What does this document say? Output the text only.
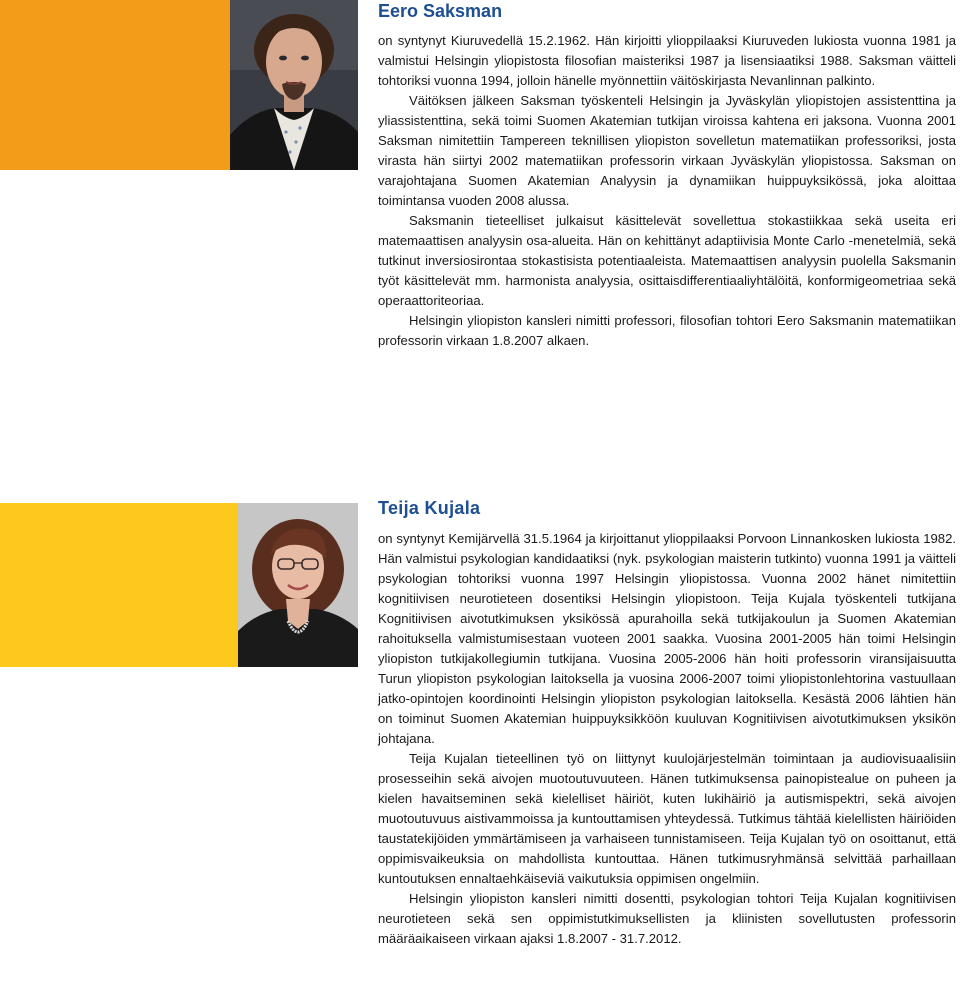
Eero Saksman

on syntynyt Kiuruvedellä 15.2.1962. Hän kirjoitti ylioppilaaksi Kiuruveden lukiosta vuonna 1981 ja valmistui Helsingin yliopistosta filosofian maisteriksi 1987 ja lisensiaatiksi 1988. Saksman väitteli tohtoriksi vuonna 1994, jolloin hänelle myönnettiin väitöskirjasta Nevanlinnan palkinto.

Väitöksen jälkeen Saksman työskenteli Helsingin ja Jyväskylän yliopistojen assistenttina ja yliassistenttina, sekä toimi Suomen Akatemian tutkijan viroissa kahtena eri jaksona. Vuonna 2001 Saksman nimitettiin Tampereen teknillisen yliopiston sovelletun matematiikan professoriksi, josta virasta hän siirtyi 2002 matematiikan professorin virkaan Jyväskylän yliopistossa. Saksman on varajohtajana Suomen Akatemian Analyysin ja dynamiikan huippuyksikössä, joka aloittaa toimintansa vuoden 2008 alussa.

Saksmanin tieteelliset julkaisut käsittelevät sovellettua stokastiikkaa sekä useita eri matemaattisen analyysin osa-alueita. Hän on kehittänyt adaptiivisia Monte Carlo -menetelmiä, sekä tutkinut inversiosirontaa stokastisista potentiaaleista. Matemaattisen analyysin puolella Saksmanin työt käsittelevät mm. harmonista analyysia, osittaisdifferentiaaliyhtälöitä, konformigeometriaa sekä operaattoriteoriaa.

Helsingin yliopiston kansleri nimitti professori, filosofian tohtori Eero Saksmanin matematiikan professorin virkaan 1.8.2007 alkaen.

Teija Kujala

on syntynyt Kemijärvellä 31.5.1964 ja kirjoittanut ylioppilaaksi Porvoon Linnankosken lukiosta 1982. Hän valmistui psykologian kandidaatiksi (nyk. psykologian maisterin tutkinto) vuonna 1991 ja väitteli psykologian tohtoriksi vuonna 1997 Helsingin yliopistossa. Vuonna 2002 hänet nimitettiin kognitiivisen neurotieteen dosentiksi Helsingin yliopistoon. Teija Kujala työskenteli tutkijana Kognitiivisen aivotutkimuksen yksikössä apurahoilla sekä tutkijakoulun ja Suomen Akatemian rahoituksella valmistumisestaan vuoteen 2001 saakka. Vuosina 2001-2005 hän toimi Helsingin yliopiston tutkijakollegiumin tutkijana. Vuosina 2005-2006 hän hoiti professorin viransijaisuutta Turun yliopiston psykologian laitoksella ja vuosina 2006-2007 toimi yliopistonlehtorina vastuullaan jatko-opintojen koordinointi Helsingin yliopiston psykologian laitoksella. Kesästä 2006 lähtien hän on toiminut Suomen Akatemian huippuyksikköön kuuluvan Kognitiivisen aivotutkimuksen yksikön johtajana.

Teija Kujalan tieteellinen työ on liittynyt kuulojärjestelmän toimintaan ja audiovisuaalisiin prosesseihin sekä aivojen muotoutuvuuteen. Hänen tutkimuksensa painopistealue on puheen ja kielen havaitseminen sekä kielelliset häiriöt, kuten lukihäiriö ja autismispektri, sekä aivojen muotoutuvuus aistivammoissa ja kuntouttamisen yhteydessä. Tutkimus tähtää kielellisten häiriöiden taustatekijöiden ymmärtämiseen ja varhaiseen tunnistamiseen. Teija Kujalan työ on osoittanut, että oppimisvaikeuksia on mahdollista kuntouttaa. Hänen tutkimusryhmänsä selvittää parhaillaan kuntoutuksen ennaltaehkäiseviä vaikutuksia oppimisen ongelmiin.

Helsingin yliopiston kansleri nimitti dosentti, psykologian tohtori Teija Kujalan kognitiivisen neurotieteen sekä sen oppimistutkimuksellisten ja kliinisten sovellutusten professorin määräaikaiseen virkaan ajaksi 1.8.2007 - 31.7.2012.
